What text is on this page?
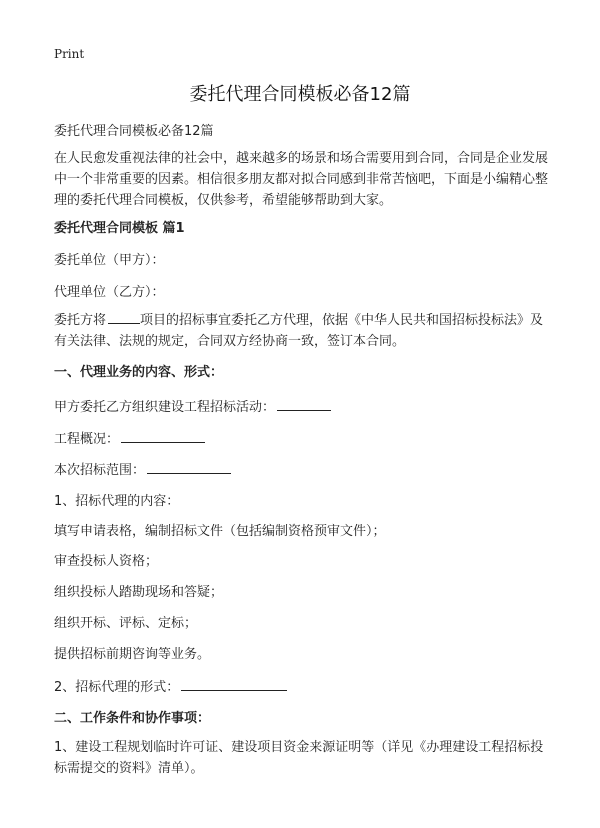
Print
委托代理合同模板必备12篇
委托代理合同模板必备12篇
在人民愈发重视法律的社会中，越来越多的场景和场合需要用到合同，合同是企业发展中一个非常重要的因素。相信很多朋友都对拟合同感到非常苦恼吧，下面是小编精心整理的委托代理合同模板，仅供参考，希望能够帮助到大家。
委托代理合同模板 篇1
委托单位（甲方）：
代理单位（乙方）：
委托方将	项目的招标事宜委托乙方代理，依据《中华人民共和国招标投标法》及有关法律、法规的规定，合同双方经协商一致，签订本合同。
一、代理业务的内容、形式：
甲方委托乙方组织建设工程招标活动：
工程概况：
本次招标范围：
1、招标代理的内容：
填写申请表格，编制招标文件（包括编制资格预审文件）；
审查投标人资格；
组织投标人踏勘现场和答疑；
组织开标、评标、定标；
提供招标前期咨询等业务。
2、招标代理的形式：
二、工作条件和协作事项：
1、建设工程规划临时许可证、建设项目资金来源证明等（详见《办理建设工程招标投标需提交的资料》清单）。
